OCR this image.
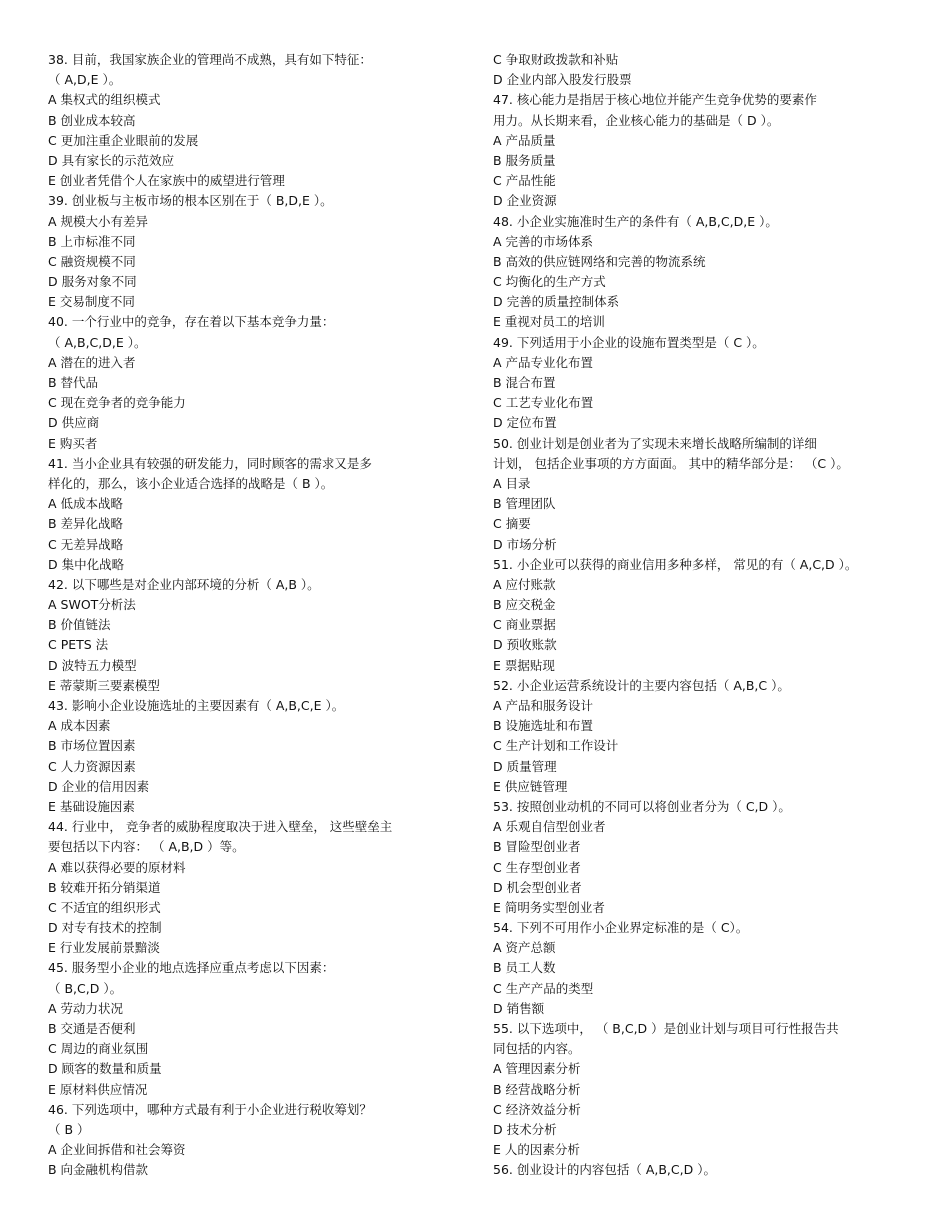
38. 目前，我国家族企业的管理尚不成熟，具有如下特征：
（ A,D,E ）。
A 集权式的组织模式
B 创业成本较高
C 更加注重企业眼前的发展
D 具有家长的示范效应
E 创业者凭借个人在家族中的威望进行管理
39. 创业板与主板市场的根本区别在于（ B,D,E ）。
A 规模大小有差异
B 上市标准不同
C 融资规模不同
D 服务对象不同
E 交易制度不同
40. 一个行业中的竞争，存在着以下基本竞争力量：
（ A,B,C,D,E ）。
A 潜在的进入者
B 替代品
C 现在竞争者的竞争能力
D 供应商
E 购买者
41. 当小企业具有较强的研发能力，同时顾客的需求又是多
样化的，那么，该小企业适合选择的战略是（ B ）。
A 低成本战略
B 差异化战略
C 无差异战略
D 集中化战略
42. 以下哪些是对企业内部环境的分析（ A,B ）。
A SWOT分析法
B 价值链法
C PETS 法
D 波特五力模型
E 蒂蒙斯三要素模型
43. 影响小企业设施选址的主要因素有（ A,B,C,E ）。
A 成本因素
B 市场位置因素
C 人力资源因素
D 企业的信用因素
E 基础设施因素
44. 行业中， 竞争者的威胁程度取决于进入壁垒， 这些壁垒主
要包括以下内容： （ A,B,D ）等。
A 难以获得必要的原材料
B 较难开拓分销渠道
C 不适宜的组织形式
D 对专有技术的控制
E 行业发展前景黯淡
45. 服务型小企业的地点选择应重点考虑以下因素：
（ B,C,D ）。
A 劳动力状况
B 交通是否便利
C 周边的商业氛围
D 顾客的数量和质量
E 原材料供应情况
46. 下列选项中，哪种方式最有利于小企业进行税收筹划？
（ B ）
A 企业间拆借和社会筹资
B 向金融机构借款
C 争取财政拨款和补贴
D 企业内部入股发行股票
47. 核心能力是指居于核心地位并能产生竞争优势的要素作
用力。从长期来看，企业核心能力的基础是（ D ）。
A 产品质量
B 服务质量
C 产品性能
D 企业资源
48. 小企业实施准时生产的条件有（ A,B,C,D,E ）。
A 完善的市场体系
B 高效的供应链网络和完善的物流系统
C 均衡化的生产方式
D 完善的质量控制体系
E 重视对员工的培训
49. 下列适用于小企业的设施布置类型是（ C ）。
A 产品专业化布置
B 混合布置
C 工艺专业化布置
D 定位布置
50. 创业计划是创业者为了实现未来增长战略所编制的详细
计划， 包括企业事项的方方面面。 其中的精华部分是： （C ）。
A 目录
B 管理团队
C 摘要
D 市场分析
51. 小企业可以获得的商业信用多种多样， 常见的有（ A,C,D ）。
A 应付账款
B 应交税金
C 商业票据
D 预收账款
E 票据贴现
52. 小企业运营系统设计的主要内容包括（ A,B,C ）。
A 产品和服务设计
B 设施选址和布置
C 生产计划和工作设计
D 质量管理
E 供应链管理
53. 按照创业动机的不同可以将创业者分为（ C,D ）。
A 乐观自信型创业者
B 冒险型创业者
C 生存型创业者
D 机会型创业者
E 简明务实型创业者
54. 下列不可用作小企业界定标准的是（ C）。
A 资产总额
B 员工人数
C 生产产品的类型
D 销售额
55. 以下选项中， （ B,C,D ）是创业计划与项目可行性报告共
同包括的内容。
A 管理因素分析
B 经营战略分析
C 经济效益分析
D 技术分析
E 人的因素分析
56. 创业设计的内容包括（ A,B,C,D ）。
